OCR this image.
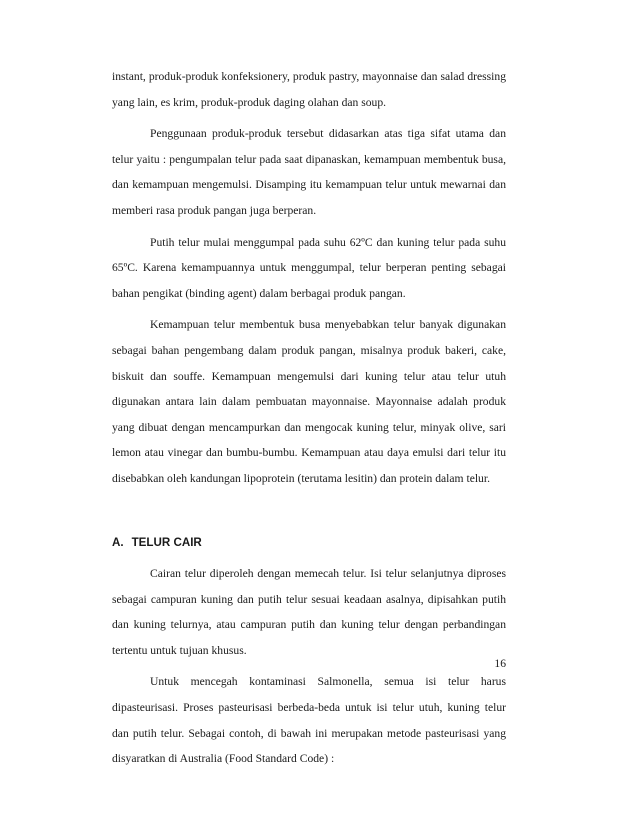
instant, produk-produk konfeksionery, produk pastry, mayonnaise dan salad dressing yang lain, es krim, produk-produk daging olahan dan soup.

Penggunaan produk-produk tersebut didasarkan atas tiga sifat utama dan telur yaitu : pengumpalan telur pada saat dipanaskan, kemampuan membentuk busa, dan kemampuan mengemulsi. Disamping itu kemampuan telur untuk mewarnai dan memberi rasa produk pangan juga berperan.

Putih telur mulai menggumpal pada suhu 62ºC dan kuning telur pada suhu 65ºC. Karena kemampuannya untuk menggumpal, telur berperan penting sebagai bahan pengikat (binding agent) dalam berbagai produk pangan.

Kemampuan telur membentuk busa menyebabkan telur banyak digunakan sebagai bahan pengembang dalam produk pangan, misalnya produk bakeri, cake, biskuit dan souffe. Kemampuan mengemulsi dari kuning telur atau telur utuh digunakan antara lain dalam pembuatan mayonnaise. Mayonnaise adalah produk yang dibuat dengan mencampurkan dan mengocak kuning telur, minyak olive, sari lemon atau vinegar dan bumbu-bumbu. Kemampuan atau daya emulsi dari telur itu disebabkan oleh kandungan lipoprotein (terutama lesitin) dan protein dalam telur.

A. TELUR CAIR

Cairan telur diperoleh dengan memecah telur. Isi telur selanjutnya diproses sebagai campuran kuning dan putih telur sesuai keadaan asalnya, dipisahkan putih dan kuning telurnya, atau campuran putih dan kuning telur dengan perbandingan tertentu untuk tujuan khusus.

Untuk mencegah kontaminasi Salmonella, semua isi telur harus dipasteurisasi. Proses pasteurisasi berbeda-beda untuk isi telur utuh, kuning telur dan putih telur. Sebagai contoh, di bawah ini merupakan metode pasteurisasi yang disyaratkan di Australia (Food Standard Code) :

16
